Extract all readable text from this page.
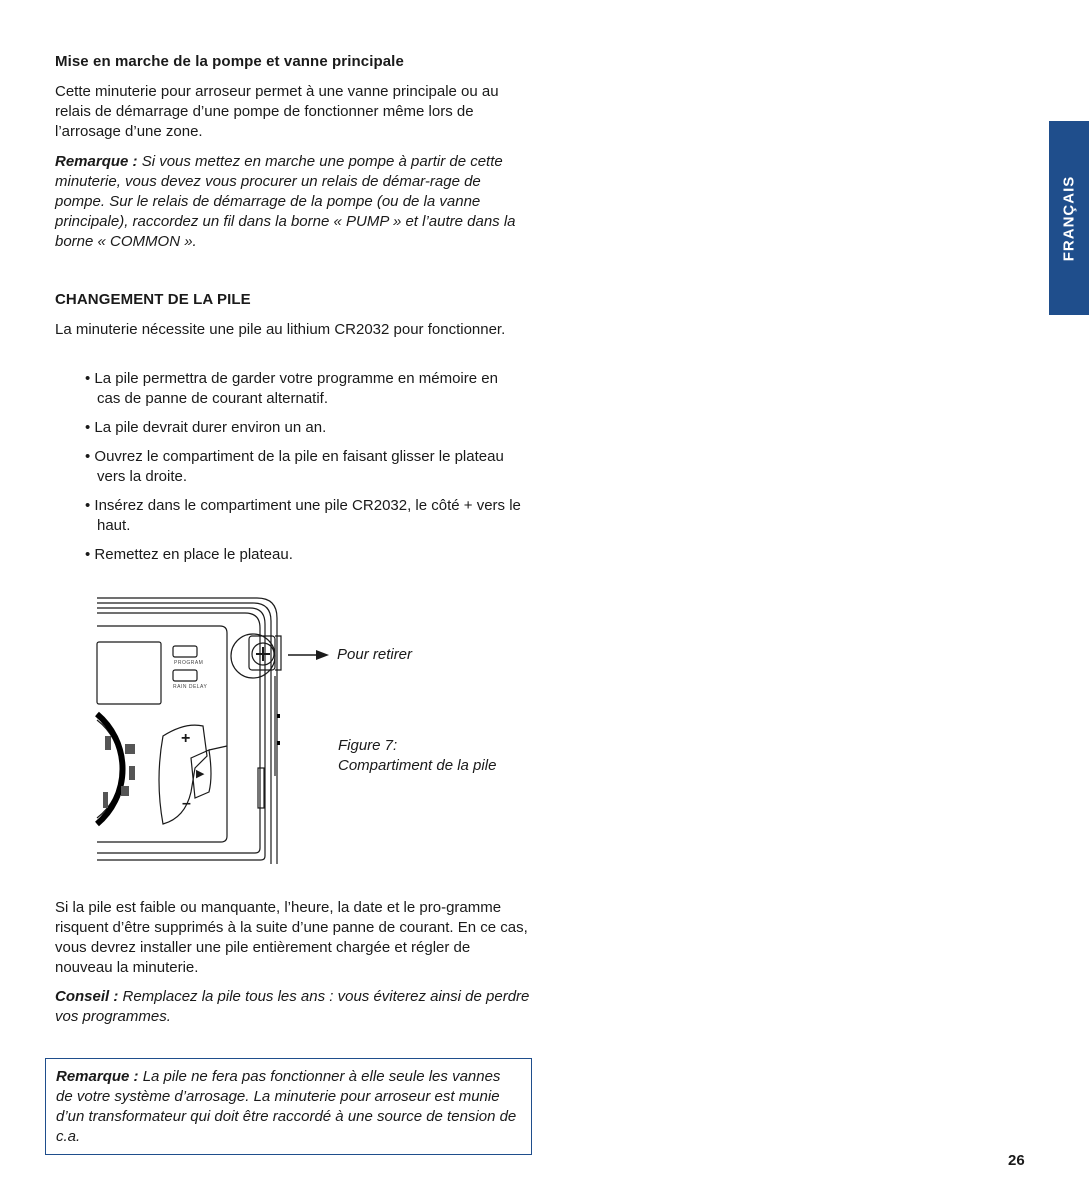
FRANÇAIS

Mise en marche de la pompe et vanne principale

Cette minuterie pour arroseur permet à une vanne principale ou au relais de démarrage d’une pompe de fonctionner même lors de l’arrosage d’une zone.

Remarque : Si vous mettez en marche une pompe à partir de cette minuterie, vous devez vous procurer un relais de démar-rage de pompe. Sur le relais de démarrage de la pompe (ou de la vanne principale), raccordez un fil dans la borne « PUMP » et l’autre dans la borne « COMMON ».

CHANGEMENT DE LA PILE

La minuterie nécessite une pile au lithium CR2032 pour fonctionner.

• La pile permettra de garder votre programme en mémoire en cas de panne de courant alternatif.
• La pile devrait durer environ un an.
• Ouvrez le compartiment de la pile en faisant glisser le plateau vers la droite.
• Insérez dans le compartiment une pile CR2032, le côté + vers le haut.
• Remettez en place le plateau.
PROGRAM
RAIN DELAY
+
▶
–
Pour retirer
Figure 7:
Compartiment de la pile

Si la pile est faible ou manquante, l’heure, la date et le pro-gramme risquent d’être supprimés à la suite d’une panne de courant. En ce cas, vous devrez installer une pile entièrement chargée et régler de nouveau la minuterie.

Conseil : Remplacez la pile tous les ans : vous éviterez ainsi de perdre vos programmes.

Remarque : La pile ne fera pas fonctionner à elle seule les vannes de votre système d’arrosage. La minuterie pour arroseur est munie d’un transformateur qui doit être raccordé à une source de tension de c.a.

26
